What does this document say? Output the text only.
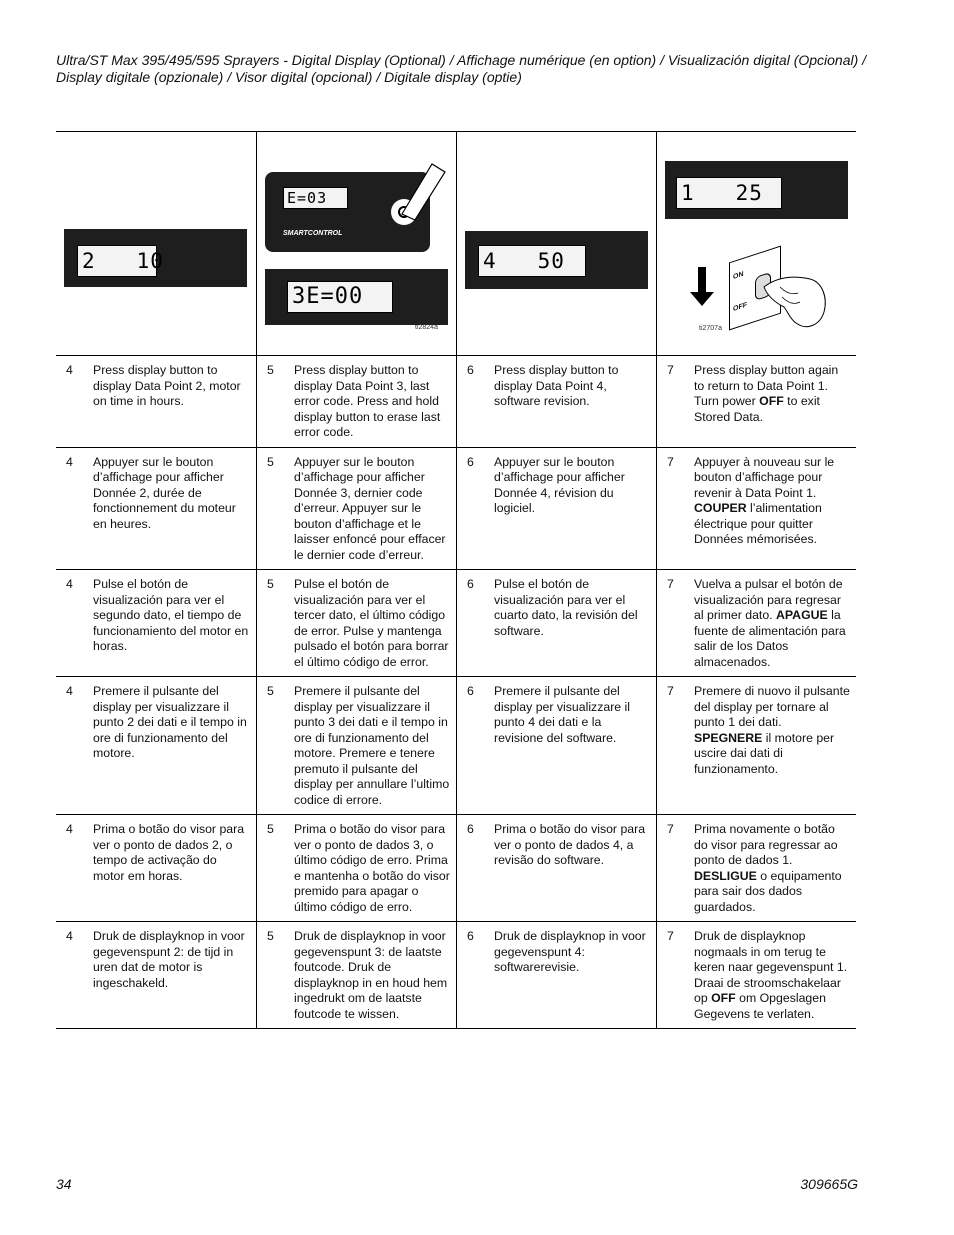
Ultra/ST Max 395/495/595 Sprayers - Digital Display (Optional) / Affichage numérique (en option) / Visualización digital (Opcional) / Display digitale (opzionale) / Visor digital (opcional) / Digitale display (optie)
2   10
E=03
SMARTCONTROL
3E=00
ti2824a
4   50
1   25
ON
OFF
ti2707a
4	Press display button to display Data Point 2, motor on time in hours.
5	Press display button to display Data Point 3, last error code. Press and hold display button to erase last error code.
6	Press display button to display Data Point 4, software revision.
7	Press display button again to return to Data Point 1. Turn power OFF to exit Stored Data.
4	Appuyer sur le bouton d’affichage pour afficher Donnée 2, durée de fonctionnement du moteur en heures.
5	Appuyer sur le bouton d’affichage pour afficher Donnée 3, dernier code d’erreur. Appuyer sur le bouton d’affichage et le laisser enfoncé pour effacer le dernier code d’erreur.
6	Appuyer sur le bouton d’affichage pour afficher Donnée 4, révision du logiciel.
7	Appuyer à nouveau sur le bouton d’affichage pour revenir à Data Point 1. COUPER l’alimentation électrique pour quitter Données mémorisées.
4	Pulse el botón de visualización para ver el segundo dato, el tiempo de funcionamiento del motor en horas.
5	Pulse el botón de visualización para ver el tercer dato, el último código de error. Pulse y mantenga pulsado el botón para borrar el último código de error.
6	Pulse el botón de visualización para ver el cuarto dato, la revisión del software.
7	Vuelva a pulsar el botón de visualización para regresar al primer dato. APAGUE la fuente de alimentación para salir de los Datos almacenados.
4	Premere il pulsante del display per visualizzare il punto 2 dei dati e il tempo in ore di funzionamento del motore.
5	Premere il pulsante del display per visualizzare il punto 3 dei dati e il tempo in ore di funzionamento del motore. Premere e tenere premuto il pulsante del display per annullare l’ultimo codice di errore.
6	Premere il pulsante del display per visualizzare il punto 4 dei dati e la revisione del software.
7	Premere di nuovo il pulsante del display per tornare al punto 1 dei dati. SPEGNERE il motore per uscire dai dati di funzionamento.
4	Prima o botão do visor para ver o ponto de dados 2, o tempo de activação do motor em horas.
5	Prima o botão do visor para ver o ponto de dados 3, o último código de erro. Prima e mantenha o botão do visor premido para apagar o último código de erro.
6	Prima o botão do visor para ver o ponto de dados 4, a revisão do software.
7	Prima novamente o botão do visor para regressar ao ponto de dados 1. DESLIGUE o equipamento para sair dos dados guardados.
4	Druk de displayknop in voor gegevenspunt 2: de tijd in uren dat de motor is ingeschakeld.
5	Druk de displayknop in voor gegevenspunt 3: de laatste foutcode. Druk de displayknop in en houd hem ingedrukt om de laatste foutcode te wissen.
6	Druk de displayknop in voor gegevenspunt 4: softwarerevisie.
7	Druk de displayknop nogmaals in om terug te keren naar gegevenspunt 1. Draai de stroomschakelaar op OFF om Opgeslagen Gegevens te verlaten.
34	309665G
